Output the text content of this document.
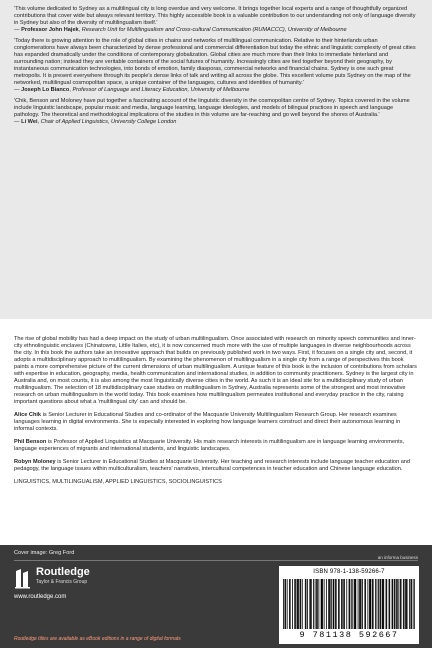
'This volume dedicated to Sydney as a multilingual city is long overdue and very welcome. It brings together local experts and a range of thoughtfully organized contributions that cover wide but always relevant territory. This highly accessible book is a valuable contribution to our understanding not only of language diversity in Sydney but also of the diversity of multilingualism itself.'
— Professor John Hajek, Research Unit for Multilingualism and Cross-cultural Communication (RUMACCC), University of Melbourne
'Today there is growing attention to the role of global cities in chains and networks of multilingual communication. Relative to their hinterlands urban conglomerations have always been characterized by dense professional and commercial differentiation but today the ethnic and linguistic complexity of great cities has expanded dramatically under the conditions of contemporary globalization. Global cities are much more than their links to immediate hinterland and surrounding nation; instead they are veritable containers of the social futures of humanity. Increasingly cities are tied together beyond their geography, by instantaneous communication technologies, into bonds of emotion, family diasporas, commercial networks and financial chains. Sydney is one such great metropolis. It is present everywhere through its people's dense links of talk and writing all across the globe. This excellent volume puts Sydney on the map of the networked, multilingual cosmopolitan space, a unique container of the languages, cultures and identities of humanity.'
— Joseph Lo Bianco, Professor of Language and Literacy Education, University of Melbourne
'Chik, Benson and Moloney have put together a fascinating account of the linguistic diversity in the cosmopolitan centre of Sydney. Topics covered in the volume include linguistic landscape, popular music and media, language learning, language ideologies, and models of bilingual practices in speech and language pathology. The theoretical and methodological implications of the studies in this volume are far-reaching and go well beyond the shores of Australia.'
— Li Wei, Chair of Applied Linguistics, University College London

The rise of global mobility has had a deep impact on the study of urban multilingualism. Once associated with research on minority speech communities and inner-city ethnolinguistic enclaves (Chinatowns, Little Italies, etc), it is now concerned much more with the use of multiple languages in diverse neighbourhoods across the city. In this book the authors take an innovative approach that builds on previously published work in two ways. First, it focuses on a single city and, second, it adopts a multidisciplinary approach to multilingualism. By examining the phenomenon of multilingualism in a single city from a range of perspectives this book paints a more comprehensive picture of the current dimensions of urban multilingualism. A unique feature of this book is the inclusion of contributions from scholars with expertise in education, geography, media, health communication and international studies, in addition to community practitioners. Sydney is the largest city in Australia and, on most counts, it is also among the most linguistically diverse cities in the world. As such it is an ideal site for a multidisciplinary study of urban multilingualism. The selection of 18 multidisciplinary case studies on multilingualism in Sydney, Australia represents some of the strongest and most innovative research on urban multilingualism in the world today. This book examines how multilingualism permeates institutional and everyday practice in the city, raising important questions about what a 'multilingual city' can and should be.

Alice Chik is Senior Lecturer in Educational Studies and co-ordinator of the Macquarie University Multilingualism Research Group. Her research examines languages learning in digital environments. She is especially interested in exploring how language learners construct and direct their autonomous learning in informal contexts.

Phil Benson is Professor of Applied Linguistics at Macquarie University. His main research interests in multilingualism are in language learning environments, language experiences of migrants and international students, and linguistic landscapes.

Robyn Moloney is Senior Lecturer in Educational Studies at Macquarie University. Her teaching and research interests include language teacher education and pedagogy, the language issues within multiculturalism, teachers' narratives, intercultural competences in teacher education and Chinese language education.

LINGUISTICS, MULTILINGUALISM, APPLIED LINGUISTICS, SOCIOLINGUISTICS
Cover image: Greg Ford
an informa business
Routledge
Taylor & Francis Group
www.routledge.com
Routledge titles are available as eBook editions in a range of digital formats
ISBN 978-1-138-59266-7
9 781138 592667
